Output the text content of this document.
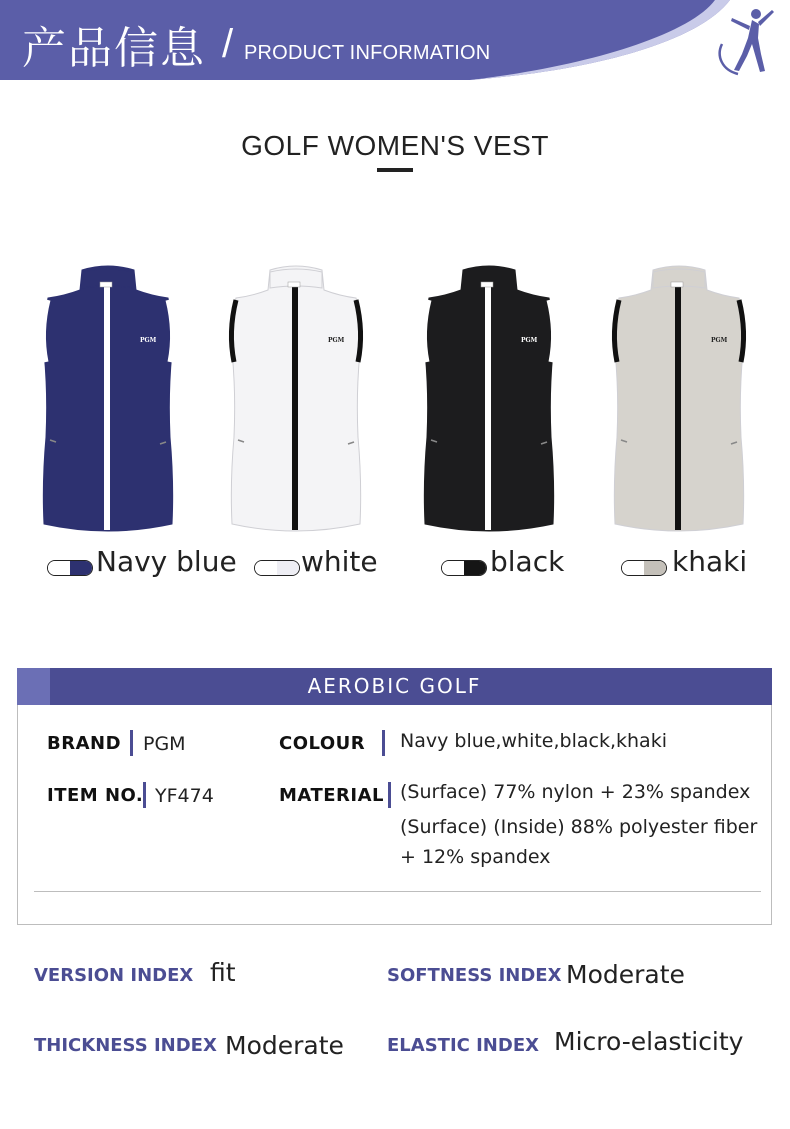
产品信息 / PRODUCT INFORMATION
GOLF WOMEN'S VEST
PGM	PGM	PGM	PGM
Navy blue white	black	khaki
AEROBIC GOLF
BRAND PGM	COLOUR Navy blue,white,black,khaki
ITEM NO. YF474	MATERIAL (Surface) 77% nylon + 23% spandex
(Surface) (Inside) 88% polyester fiber
+ 12% spandex
VERSION INDEX fit	SOFTNESS INDEX Moderate
THICKNESS INDEX Moderate ELASTIC INDEX Micro-elasticity
